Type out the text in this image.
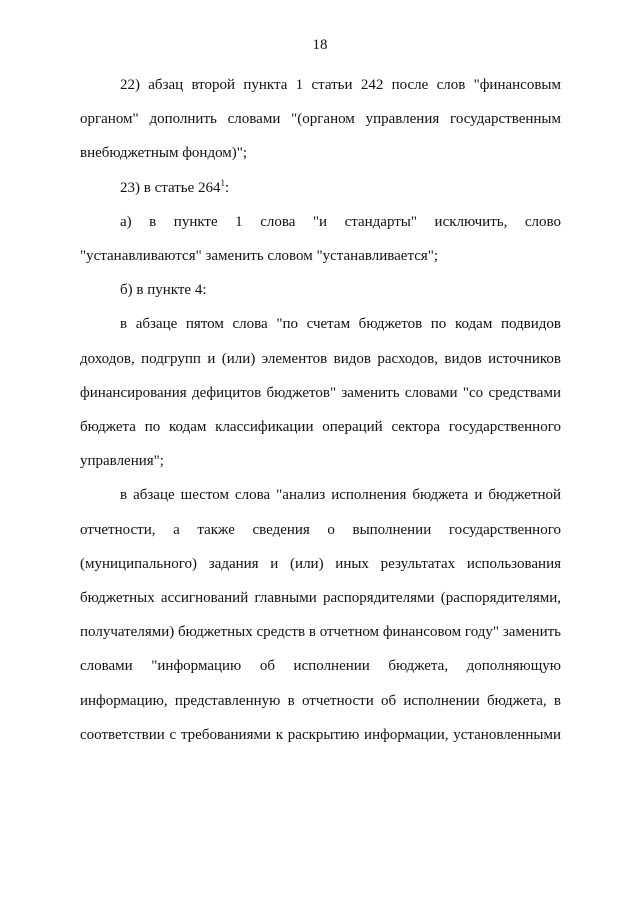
18
22) абзац второй пункта 1 статьи 242 после слов "финансовым
органом" дополнить словами "(органом управления государственным
внебюджетным фондом)";
23) в статье $264^1$:
а) в пункте 1 слова "и стандарты" исключить, слово
"устанавливаются" заменить словом "устанавливается";
б) в пункте 4:
в абзаце пятом слова "по счетам бюджетов по кодам подвидов
доходов, подгрупп и (или) элементов видов расходов, видов источников
финансирования дефицитов бюджетов" заменить словами "со средствами
бюджета по кодам классификации операций сектора государственного
управления";
в абзаце шестом слова "анализ исполнения бюджета и бюджетной
отчетности, а также сведения о выполнении государственного
(муниципального) задания и (или) иных результатах использования
бюджетных ассигнований главными распорядителями (распорядителями,
получателями) бюджетных средств в отчетном финансовом году" заменить
словами "информацию об исполнении бюджета, дополняющую
информацию, представленную в отчетности об исполнении бюджета, в
соответствии с требованиями к раскрытию информации, установленными
